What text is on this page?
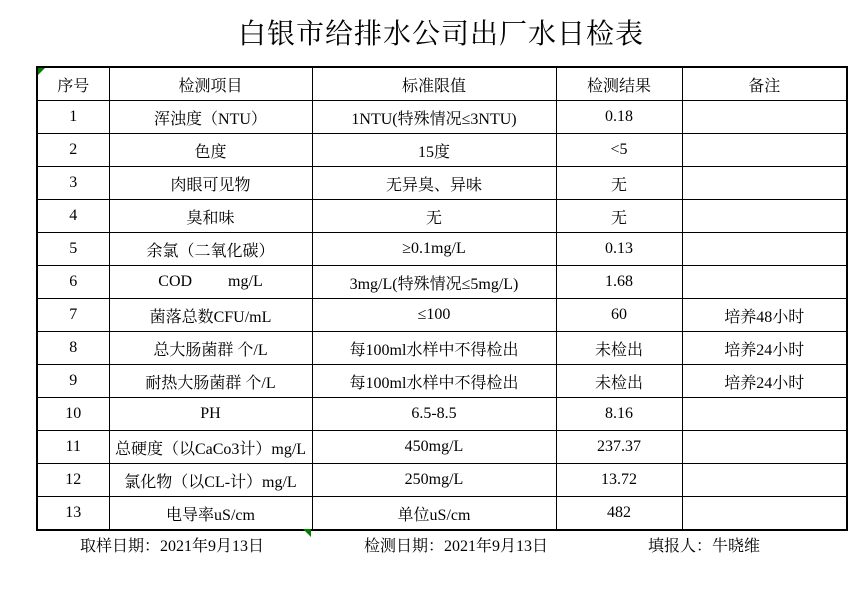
白银市给排水公司出厂水日检表
序号	检测项目	标准限值	检测结果	备注
1	浑浊度（NTU）	1NTU(特殊情况≤3NTU)	0.18	
2	色度	15度	<5	
3	肉眼可见物	无异臭、异味	无	
4	臭和味	无	无	
5	余氯（二氧化碳）	≥0.1mg/L	0.13	
6	COD         mg/L	3mg/L(特殊情况≤5mg/L)	1.68	
7	菌落总数CFU/mL	≤100	60	培养48小时
8	总大肠菌群 个/L	每100ml水样中不得检出	未检出	培养24小时
9	耐热大肠菌群 个/L	每100ml水样中不得检出	未检出	培养24小时
10	PH	6.5-8.5	8.16	
11	总硬度（以CaCo3计）mg/L	450mg/L	237.37	
12	氯化物（以CL-计）mg/L	250mg/L	13.72	
13	电导率uS/cm	单位uS/cm	482	
取样日期：2021年9月13日	检测日期：2021年9月13日	填报人：牛晓维
